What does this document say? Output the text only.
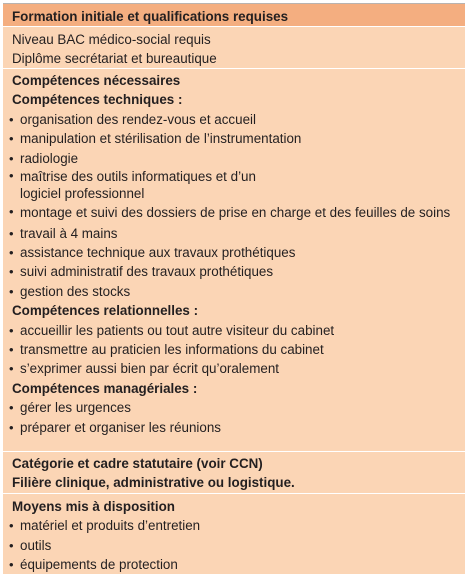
Formation initiale et qualifications requises
Niveau BAC médico-social requis
Diplôme secrétariat et bureautique
Compétences nécessaires
Compétences techniques :
• organisation des rendez-vous et accueil
• manipulation et stérilisation de l’instrumentation
• radiologie
• maîtrise des outils informatiques et d’un logiciel professionnel
• montage et suivi des dossiers de prise en charge et des feuilles de soins
• travail à 4 mains
• assistance technique aux travaux prothétiques
• suivi administratif des travaux prothétiques
• gestion des stocks
Compétences relationnelles :
• accueillir les patients ou tout autre visiteur du cabinet
• transmettre au praticien les informations du cabinet
• s’exprimer aussi bien par écrit qu’oralement
Compétences managériales :
• gérer les urgences
• préparer et organiser les réunions
Catégorie et cadre statutaire (voir CCN)
Filière clinique, administrative ou logistique.
Moyens mis à disposition
• matériel et produits d’entretien
• outils
• équipements de protection
